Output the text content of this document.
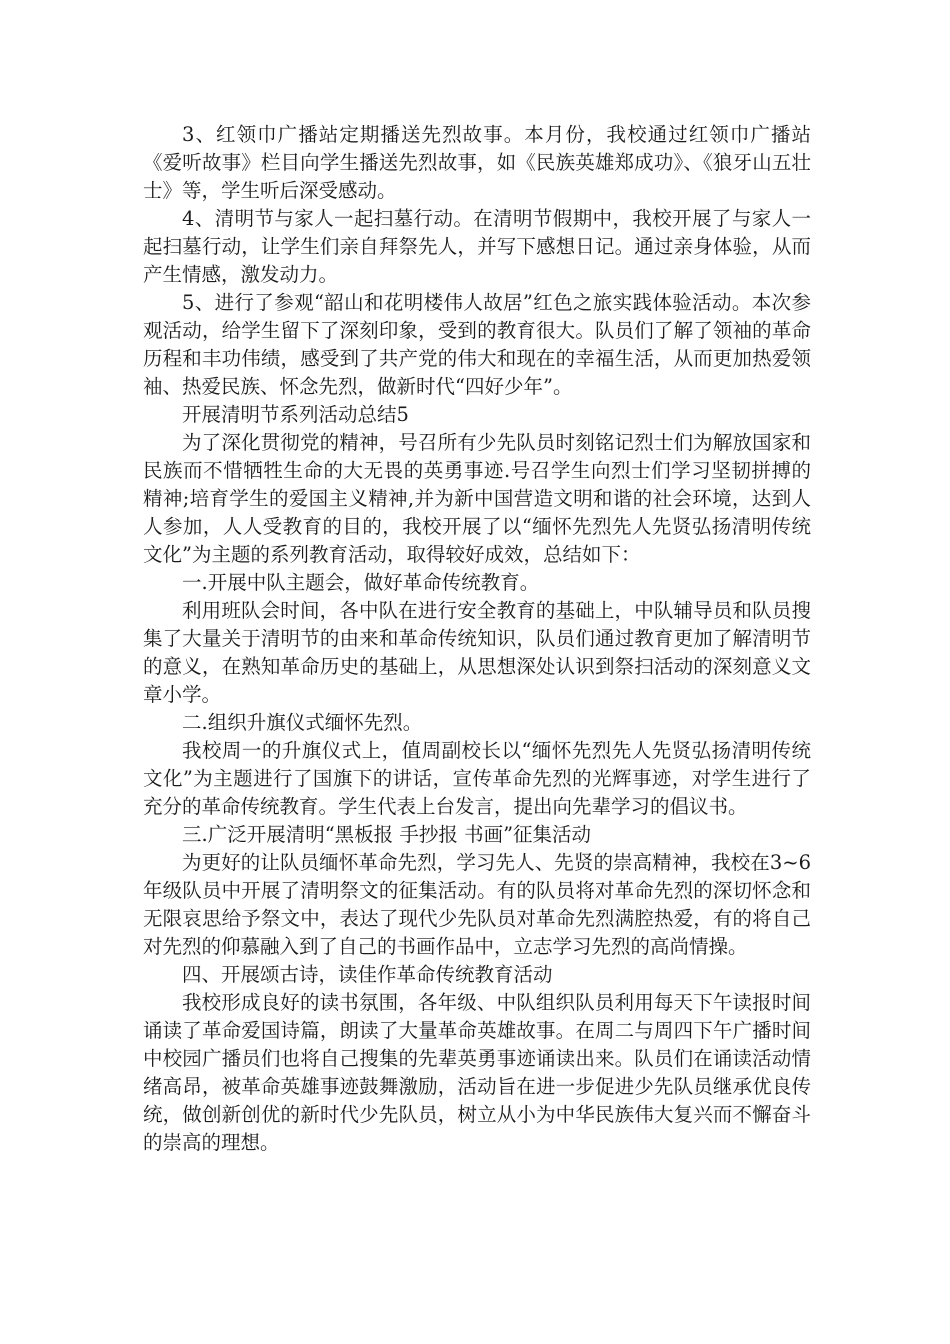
3、红领巾广播站定期播送先烈故事。本月份，我校通过红领巾广播站《爱听故事》栏目向学生播送先烈故事，如《民族英雄郑成功》、《狼牙山五壮士》等，学生听后深受感动。

4、清明节与家人一起扫墓行动。在清明节假期中，我校开展了与家人一起扫墓行动，让学生们亲自拜祭先人，并写下感想日记。通过亲身体验，从而产生情感，激发动力。

5、进行了参观“韶山和花明楼伟人故居”红色之旅实践体验活动。本次参观活动，给学生留下了深刻印象，受到的教育很大。队员们了解了领袖的革命历程和丰功伟绩，感受到了共产党的伟大和现在的幸福生活，从而更加热爱领袖、热爱民族、怀念先烈，做新时代“四好少年”。

开展清明节系列活动总结5

为了深化贯彻党的精神，号召所有少先队员时刻铭记烈士们为解放国家和民族而不惜牺牲生命的大无畏的英勇事迹.号召学生向烈士们学习坚韧拼搏的精神;培育学生的爱国主义精神,并为新中国营造文明和谐的社会环境，达到人人参加，人人受教育的目的，我校开展了以“缅怀先烈先人先贤弘扬清明传统文化”为主题的系列教育活动，取得较好成效，总结如下：

一.开展中队主题会，做好革命传统教育。

利用班队会时间，各中队在进行安全教育的基础上，中队辅导员和队员搜集了大量关于清明节的由来和革命传统知识，队员们通过教育更加了解清明节的意义，在熟知革命历史的基础上，从思想深处认识到祭扫活动的深刻意义文章小学。

二.组织升旗仪式缅怀先烈。

我校周一的升旗仪式上，值周副校长以“缅怀先烈先人先贤弘扬清明传统文化”为主题进行了国旗下的讲话，宣传革命先烈的光辉事迹，对学生进行了充分的革命传统教育。学生代表上台发言，提出向先辈学习的倡议书。

三.广泛开展清明“黑板报 手抄报 书画”征集活动

为更好的让队员缅怀革命先烈，学习先人、先贤的崇高精神，我校在3~6年级队员中开展了清明祭文的征集活动。有的队员将对革命先烈的深切怀念和无限哀思给予祭文中，表达了现代少先队员对革命先烈满腔热爱，有的将自己对先烈的仰慕融入到了自己的书画作品中，立志学习先烈的高尚情操。

四、开展颂古诗，读佳作革命传统教育活动

我校形成良好的读书氛围，各年级、中队组织队员利用每天下午读报时间诵读了革命爱国诗篇，朗读了大量革命英雄故事。在周二与周四下午广播时间中校园广播员们也将自己搜集的先辈英勇事迹诵读出来。队员们在诵读活动情绪高昂，被革命英雄事迹鼓舞激励，活动旨在进一步促进少先队员继承优良传统，做创新创优的新时代少先队员，树立从小为中华民族伟大复兴而不懈奋斗的崇高的理想。
